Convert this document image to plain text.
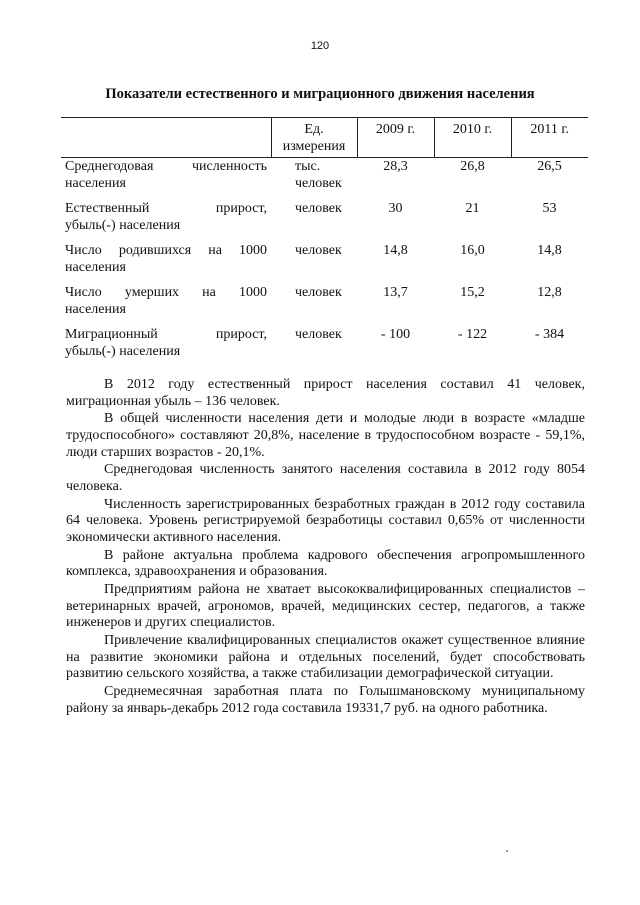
120
Показатели естественного и миграционного движения населения
	Ед. измерения	2009 г.	2010 г.	2011 г.

Среднегодовая численность
населения	тыс. человек	28,3	26,8	26,5

Естественный прирост,
убыль(-) населения	человек	30	21	53

Число родившихся на 1000
населения	человек	14,8	16,0	14,8

Число умерших на 1000
населения	человек	13,7	15,2	12,8

Миграционный прирост,
убыль(-) населения	человек	- 100	- 122	- 384

В 2012 году естественный прирост населения составил 41 человек, миграционная убыль – 136 человек.

В общей численности населения дети и молодые люди в возрасте «младше трудоспособного» составляют 20,8%, население в трудоспособном возрасте - 59,1%, люди старших возрастов - 20,1%.

Среднегодовая численность занятого населения составила в 2012 году 8054 человека.

Численность зарегистрированных безработных граждан в 2012 году составила 64 человека. Уровень регистрируемой безработицы составил 0,65% от численности экономически активного населения.

В районе актуальна проблема кадрового обеспечения агропромышленного комплекса, здравоохранения и образования.

Предприятиям района не хватает высококвалифицированных специалистов – ветеринарных врачей, агрономов, врачей, медицинских сестер, педагогов, а также инженеров и других специалистов.

Привлечение квалифицированных специалистов окажет существенное влияние на развитие экономики района и отдельных поселений, будет способствовать развитию сельского хозяйства, а также стабилизации демографической ситуации.

Среднемесячная заработная плата по Голышмановскому муниципальному району за январь-декабрь 2012 года составила 19331,7 руб. на одного работника.
